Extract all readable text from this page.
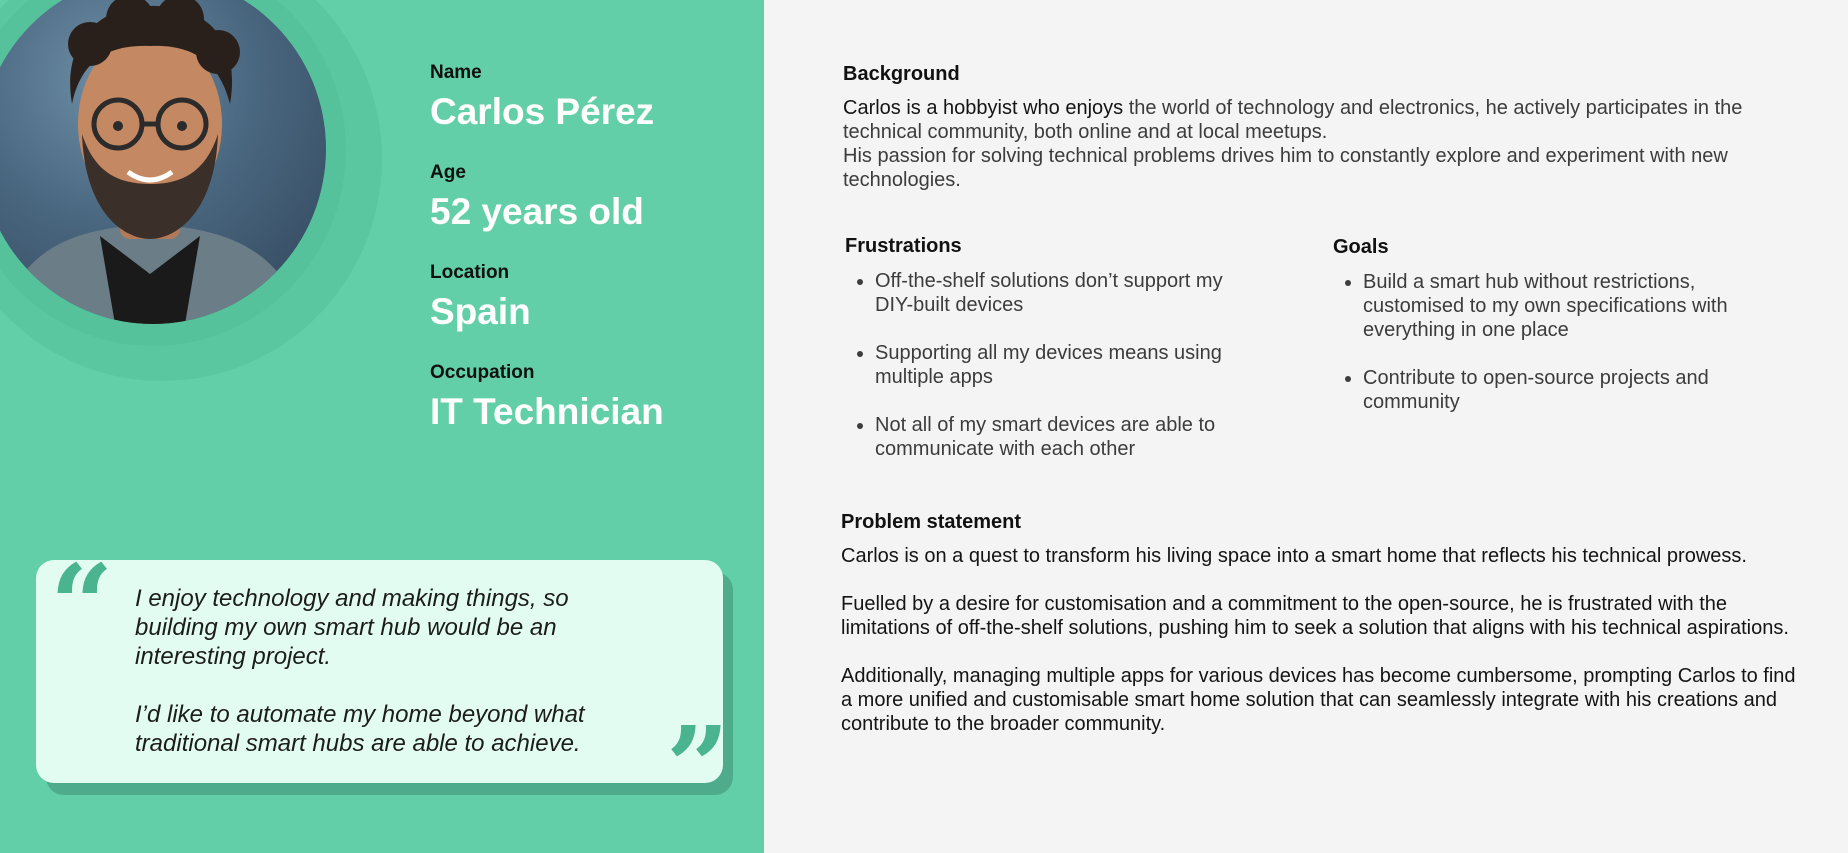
Name
Carlos Pérez
Age
52 years old
Location
Spain
Occupation
IT Technician
“ I enjoy technology and making things, so building my own smart hub would be an interesting project.

I’d like to automate my home beyond what traditional smart hubs are able to achieve. ”
Background

Carlos is a hobbyist who enjoys the world of technology and electronics, he actively participates in the technical community, both online and at local meetups.

His passion for solving technical problems drives him to constantly explore and experiment with new technologies.

Frustrations
• Off-the-shelf solutions don’t support my DIY-built devices
• Supporting all my devices means using multiple apps
• Not all of my smart devices are able to communicate with each other
Goals
• Build a smart hub without restrictions, customised to my own specifications with everything in one place
• Contribute to open-source projects and community
Problem statement

Carlos is on a quest to transform his living space into a smart home that reflects his technical prowess.

Fuelled by a desire for customisation and a commitment to the open-source, he is frustrated with the limitations of off-the-shelf solutions, pushing him to seek a solution that aligns with his technical aspirations.

Additionally, managing multiple apps for various devices has become cumbersome, prompting Carlos to find a more unified and customisable smart home solution that can seamlessly integrate with his creations and contribute to the broader community.
